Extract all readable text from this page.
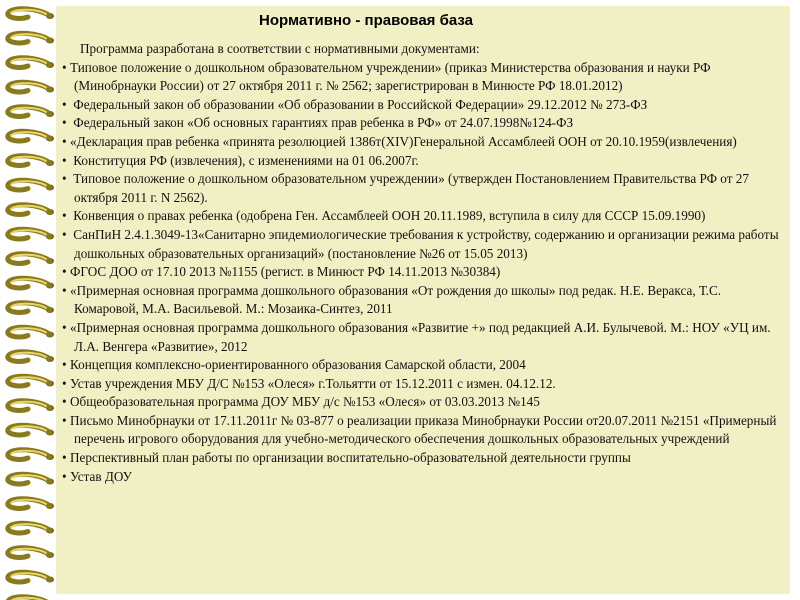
Нормативно - правовая база

Программа разработана в соответствии с нормативными документами:

• Типовое положение о дошкольном образовательном учреждении» (приказ Министерства образования и науки РФ (Минобрнауки России) от 27 октября 2011 г. № 2562; зарегистрирован в Минюсте РФ 18.01.2012)

• Федеральный закон об образовании «Об образовании в Российской Федерации» 29.12.2012 № 273-ФЗ

• Федеральный закон «Об основных гарантиях прав ребенка в РФ» от 24.07.1998№124-ФЗ

• «Декларация прав ребенка «принята резолюцией 1386т(XIV)Генеральной Ассамблеей ООН от 20.10.1959(извлечения)

• Конституция РФ (извлечения), с изменениями на 01 06.2007г.

• Типовое положение о дошкольном образовательном учреждении» (утвержден Постановлением Правительства РФ от 27 октября 2011 г. N 2562).

• Конвенция о правах ребенка (одобрена Ген. Ассамблеей ООН 20.11.1989, вступила в силу для СССР 15.09.1990)

• СанПиН 2.4.1.3049-13«Санитарно эпидемиологические требования к устройству, содержанию и организации режима работы дошкольных образовательных организаций» (постановление №26 от 15.05 2013)

• ФГОС ДОО от 17.10 2013 №1155 (регист. в Минюст РФ 14.11.2013 №30384)

• «Примерная основная программа дошкольного образования «От рождения до школы» под редак. Н.Е. Веракса, Т.С. Комаровой, М.А. Васильевой. М.: Мозаика-Синтез, 2011

• «Примерная основная программа дошкольного образования «Развитие +» под редакцией А.И. Булычевой. М.: НОУ «УЦ им. Л.А. Венгера «Развитие», 2012

• Концепция комплексно-ориентированного образования Самарской области, 2004

• Устав учреждения МБУ Д/С №153 «Олеся» г.Тольятти от 15.12.2011 с измен. 04.12.12.

• Общеобразовательная программа ДОУ МБУ д/с №153 «Олеся» от 03.03.2013 №145

• Письмо Минобрнауки от 17.11.2011г № 03-877 о реализации приказа Минобрнауки России от20.07.2011 №2151 «Примерный перечень игрового оборудования для учебно-методического обеспечения дошкольных образовательных учреждений

• Перспективный план работы по организации воспитательно-образовательной деятельности группы

• Устав ДОУ
